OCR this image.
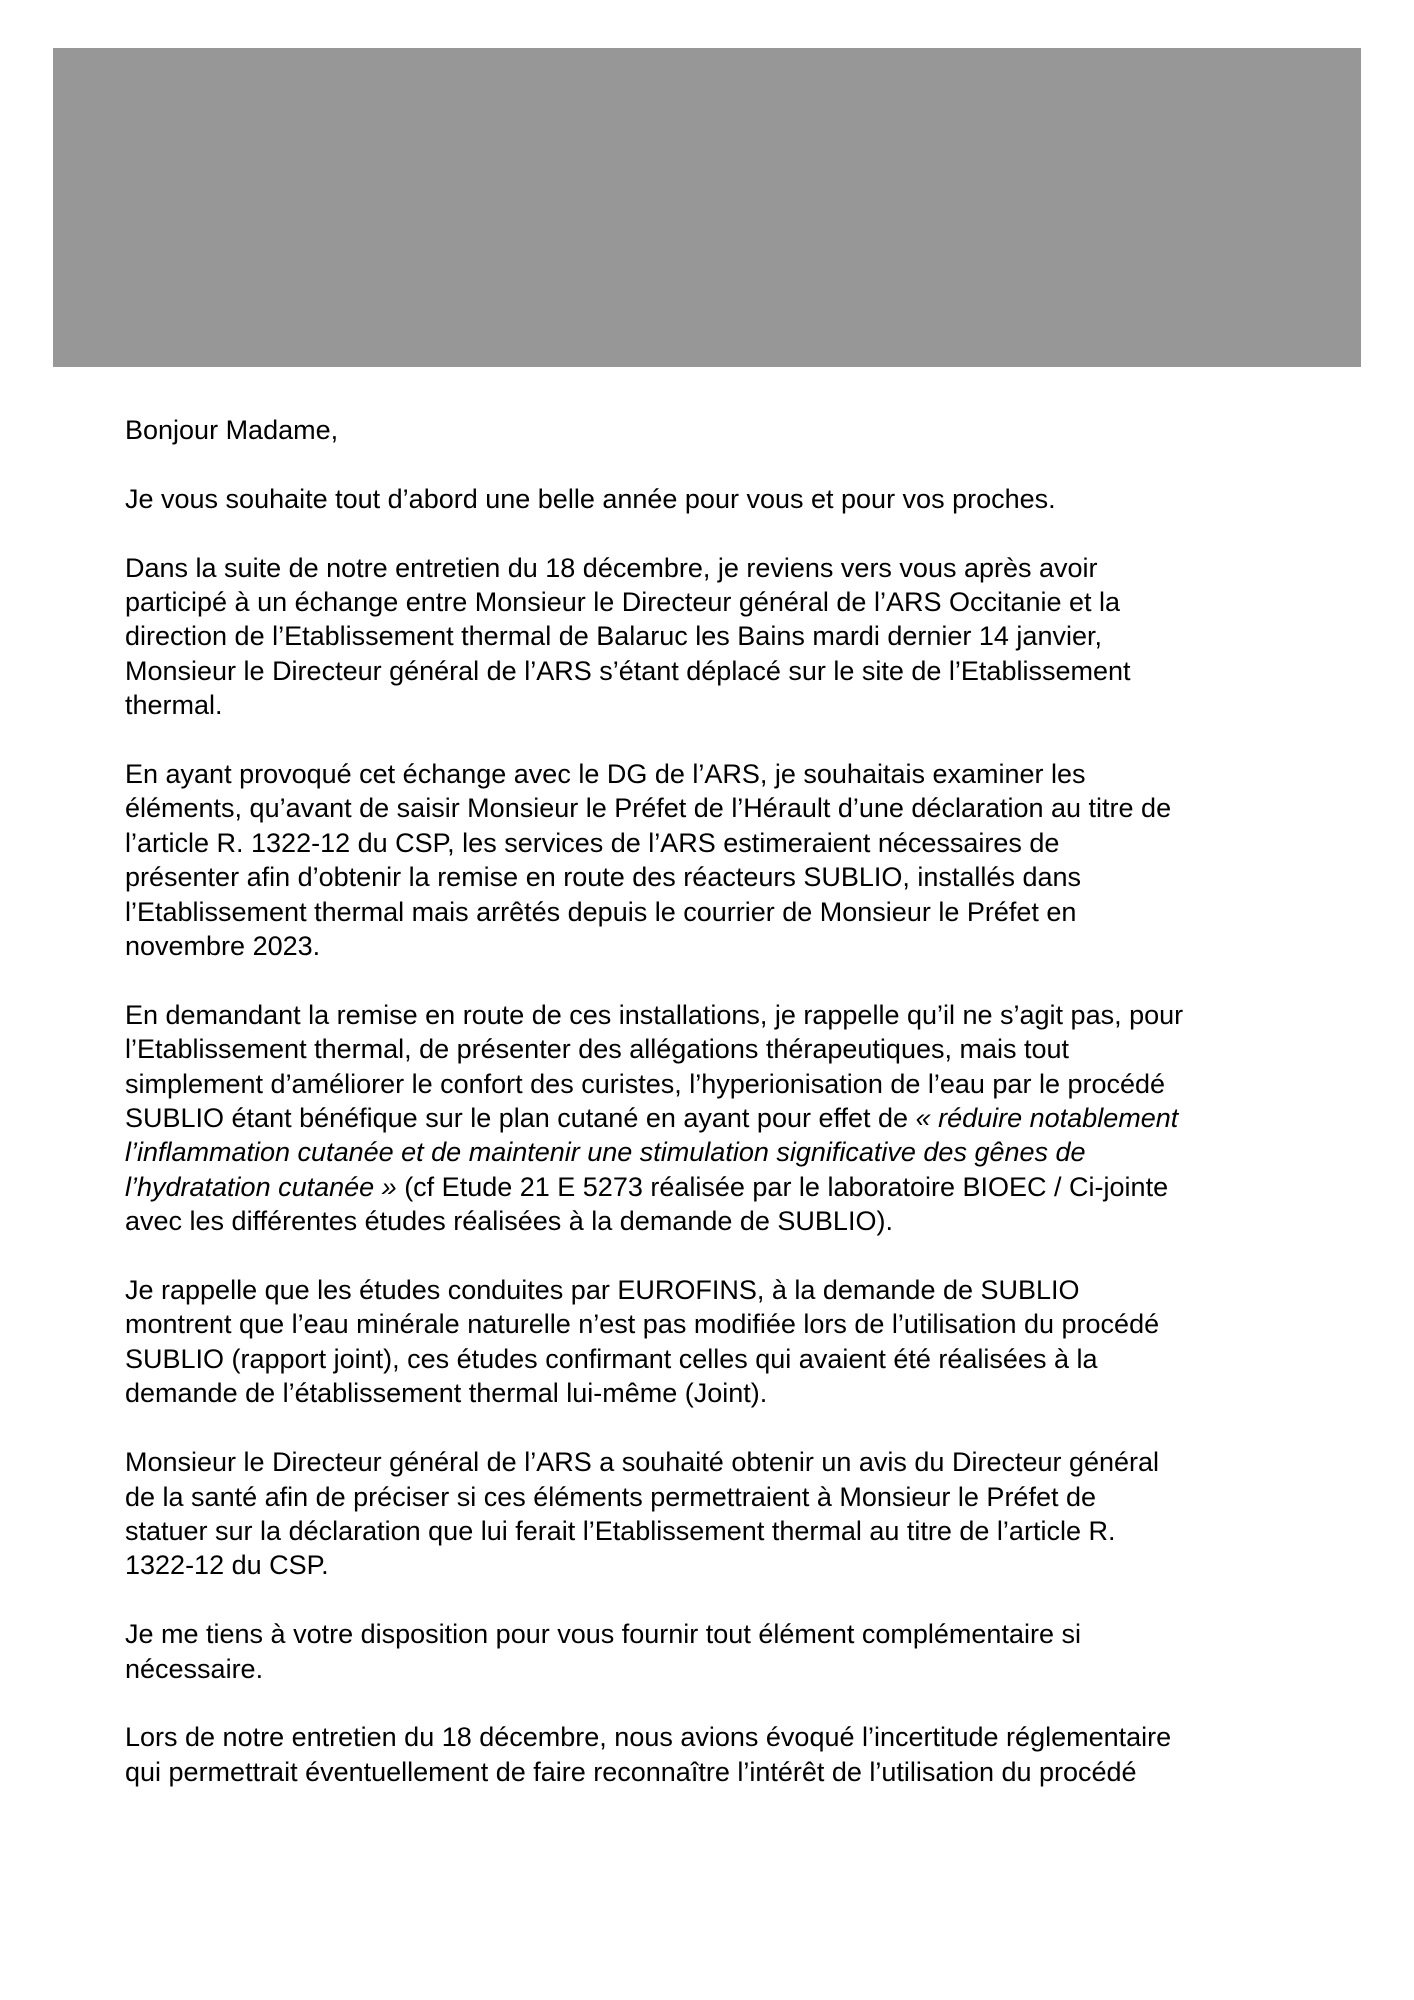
Bonjour Madame,

Je vous souhaite tout d’abord une belle année pour vous et pour vos proches.

Dans la suite de notre entretien du 18 décembre, je reviens vers vous après avoir
participé à un échange entre Monsieur le Directeur général de l’ARS Occitanie et la
direction de l’Etablissement thermal de Balaruc les Bains mardi dernier 14 janvier,
Monsieur le Directeur général de l’ARS s’étant déplacé sur le site de l’Etablissement
thermal.

En ayant provoqué cet échange avec le DG de l’ARS, je souhaitais examiner les
éléments, qu’avant de saisir Monsieur le Préfet de l’Hérault d’une déclaration au titre de
l’article R. 1322-12 du CSP, les services de l’ARS estimeraient nécessaires de
présenter afin d’obtenir la remise en route des réacteurs SUBLIO, installés dans
l’Etablissement thermal mais arrêtés depuis le courrier de Monsieur le Préfet en
novembre 2023.

En demandant la remise en route de ces installations, je rappelle qu’il ne s’agit pas, pour
l’Etablissement thermal, de présenter des allégations thérapeutiques, mais tout
simplement d’améliorer le confort des curistes, l’hyperionisation de l’eau par le procédé
SUBLIO étant bénéfique sur le plan cutané en ayant pour effet de « réduire notablement
l’inflammation cutanée et de maintenir une stimulation significative des gênes de
l’hydratation cutanée » (cf Etude 21 E 5273 réalisée par le laboratoire BIOEC / Ci-jointe
avec les différentes études réalisées à la demande de SUBLIO).

Je rappelle que les études conduites par EUROFINS, à la demande de SUBLIO
montrent que l’eau minérale naturelle n’est pas modifiée lors de l’utilisation du procédé
SUBLIO (rapport joint), ces études confirmant celles qui avaient été réalisées à la
demande de l’établissement thermal lui-même (Joint).

Monsieur le Directeur général de l’ARS a souhaité obtenir un avis du Directeur général
de la santé afin de préciser si ces éléments permettraient à Monsieur le Préfet de
statuer sur la déclaration que lui ferait l’Etablissement thermal au titre de l’article R.
1322-12 du CSP.

Je me tiens à votre disposition pour vous fournir tout élément complémentaire si
nécessaire.

Lors de notre entretien du 18 décembre, nous avions évoqué l’incertitude réglementaire
qui permettrait éventuellement de faire reconnaître l’intérêt de l’utilisation du procédé
